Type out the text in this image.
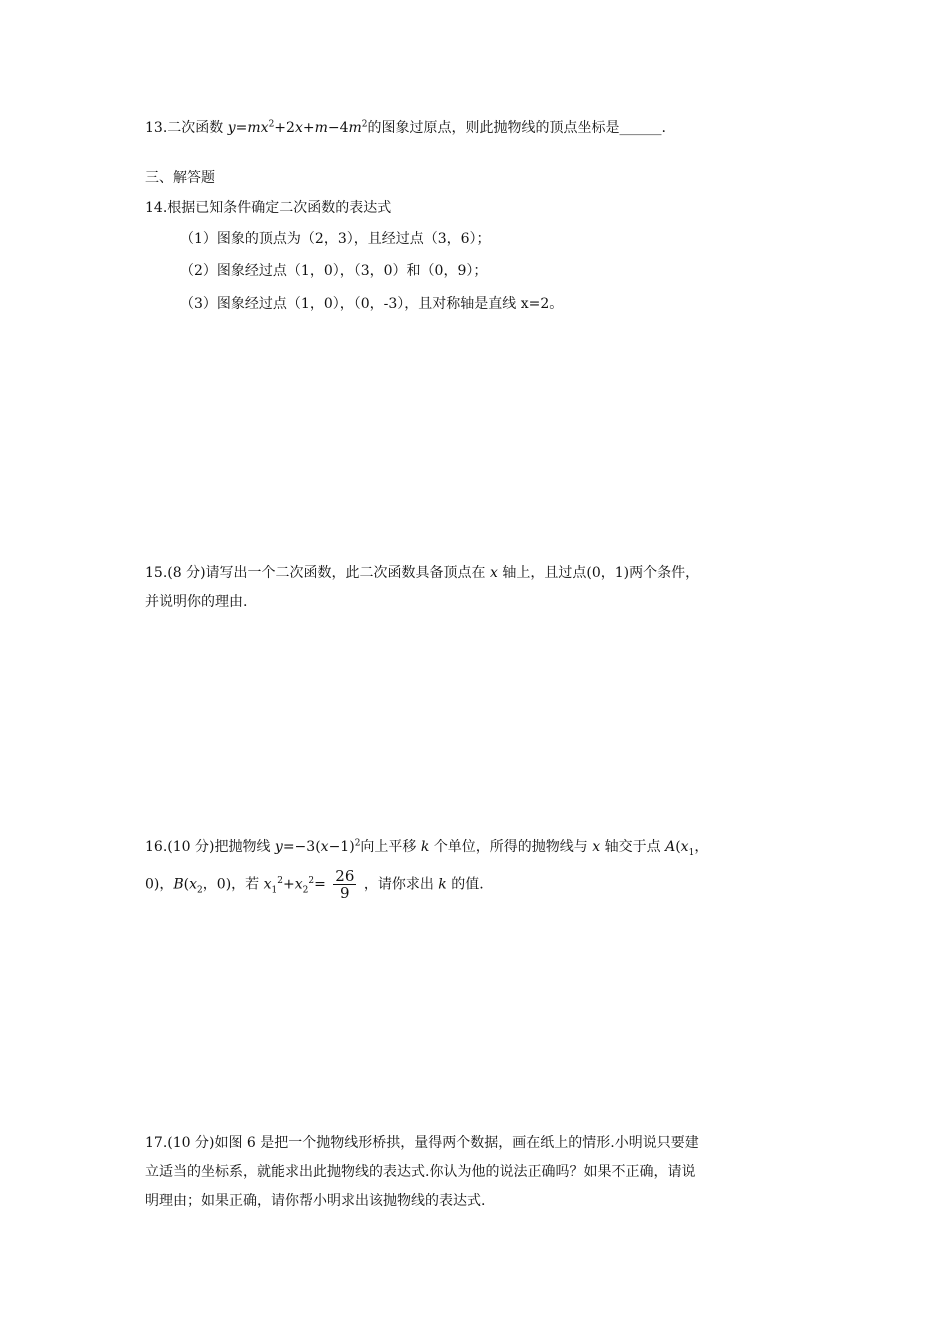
13.二次函数 $y=mx^2+2x+m-4m^2$的图象过原点，则此抛物线的顶点坐标是______.
三、解答题
14.根据已知条件确定二次函数的表达式
（1）图象的顶点为（2，3），且经过点（3，6）；
（2）图象经过点（1，0），（3，0）和（0，9）；
（3）图象经过点（1，0），（0，-3），且对称轴是直线 x=2。
15.(8 分)请写出一个二次函数，此二次函数具备顶点在 x 轴上，且过点(0，1)两个条件，
并说明你的理由.
16.(10 分)把抛物线 $y=-3(x-1)^2$向上平移 k 个单位，所得的抛物线与 x 轴交于点 $A(x_1$，
0)，$B(x_2$，0)，若 $x_1^2+x_2^2= \frac{26}{9}$ ，请你求出 k 的值.
17.(10 分)如图 6 是把一个抛物线形桥拱，量得两个数据，画在纸上的情形.小明说只要建
立适当的坐标系，就能求出此抛物线的表达式.你认为他的说法正确吗？如果不正确，请说
明理由；如果正确，请你帮小明求出该抛物线的表达式.
